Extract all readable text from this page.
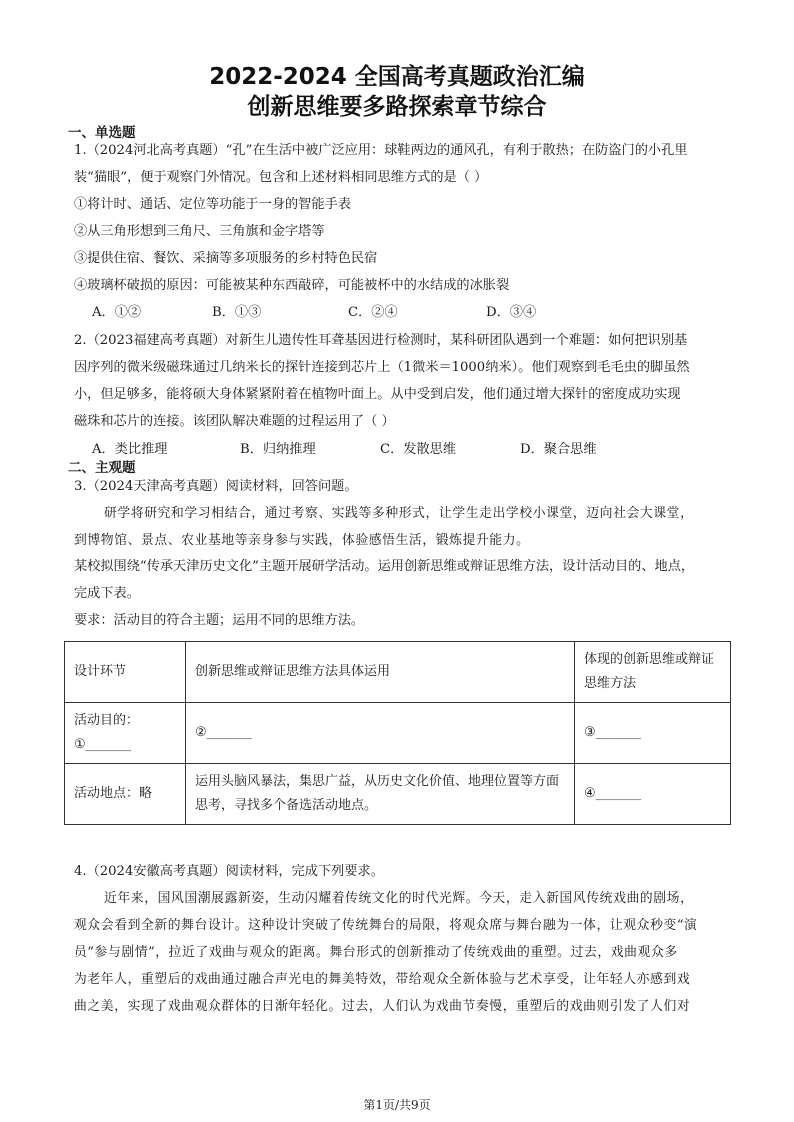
2022-2024 全国高考真题政治汇编
创新思维要多路探索章节综合
一、单选题
1.（2024河北高考真题）“孔”在生活中被广泛应用：球鞋两边的通风孔，有利于散热；在防盗门的小孔里
装“猫眼”，便于观察门外情况。包含和上述材料相同思维方式的是（ ）
①将计时、通话、定位等功能于一身的智能手表
②从三角形想到三角尺、三角旗和金字塔等
③提供住宿、餐饮、采摘等多项服务的乡村特色民宿
④玻璃杯破损的原因：可能被某种东西敲碎，可能被杯中的水结成的冰胀裂
A．①②	B．①③	C．②④	D．③④
2.（2023福建高考真题）对新生儿遗传性耳聋基因进行检测时，某科研团队遇到一个难题：如何把识别基
因序列的微米级磁珠通过几纳米长的探针连接到芯片上（1微米＝1000纳米）。他们观察到毛毛虫的脚虽然
小，但足够多，能将硕大身体紧紧附着在植物叶面上。从中受到启发，他们通过增大探针的密度成功实现
磁珠和芯片的连接。该团队解决难题的过程运用了（ ）
A．类比推理	B．归纳推理	C．发散思维	D．聚合思维
二、主观题
3.（2024天津高考真题）阅读材料，回答问题。
研学将研究和学习相结合，通过考察、实践等多种形式，让学生走出学校小课堂，迈向社会大课堂，
到博物馆、景点、农业基地等亲身参与实践，体验感悟生活，锻炼提升能力。
某校拟围绕“传承天津历史文化”主题开展研学活动。运用创新思维或辩证思维方法，设计活动目的、地点，
完成下表。
要求：活动目的符合主题；运用不同的思维方法。
设计环节	创新思维或辩证思维方法具体运用	体现的创新思维或辩证思维方法

活动目的：
①_______	②_______	③_______
活动地点：略	运用头脑风暴法，集思广益，从历史文化价值、地理位置等方面思考，寻找多个备选活动地点。	④_______
4.（2024安徽高考真题）阅读材料，完成下列要求。
近年来，国风国潮展露新姿，生动闪耀着传统文化的时代光辉。今天，走入新国风传统戏曲的剧场，
观众会看到全新的舞台设计。这种设计突破了传统舞台的局限，将观众席与舞台融为一体，让观众秒变“演
员”参与剧情”，拉近了戏曲与观众的距离。舞台形式的创新推动了传统戏曲的重塑。过去，戏曲观众多
为老年人，重塑后的戏曲通过融合声光电的舞美特效，带给观众全新体验与艺术享受，让年轻人亦感到戏
曲之美，实现了戏曲观众群体的日渐年轻化。过去，人们认为戏曲节奏慢，重塑后的戏曲则引发了人们对
第1页/共9页
